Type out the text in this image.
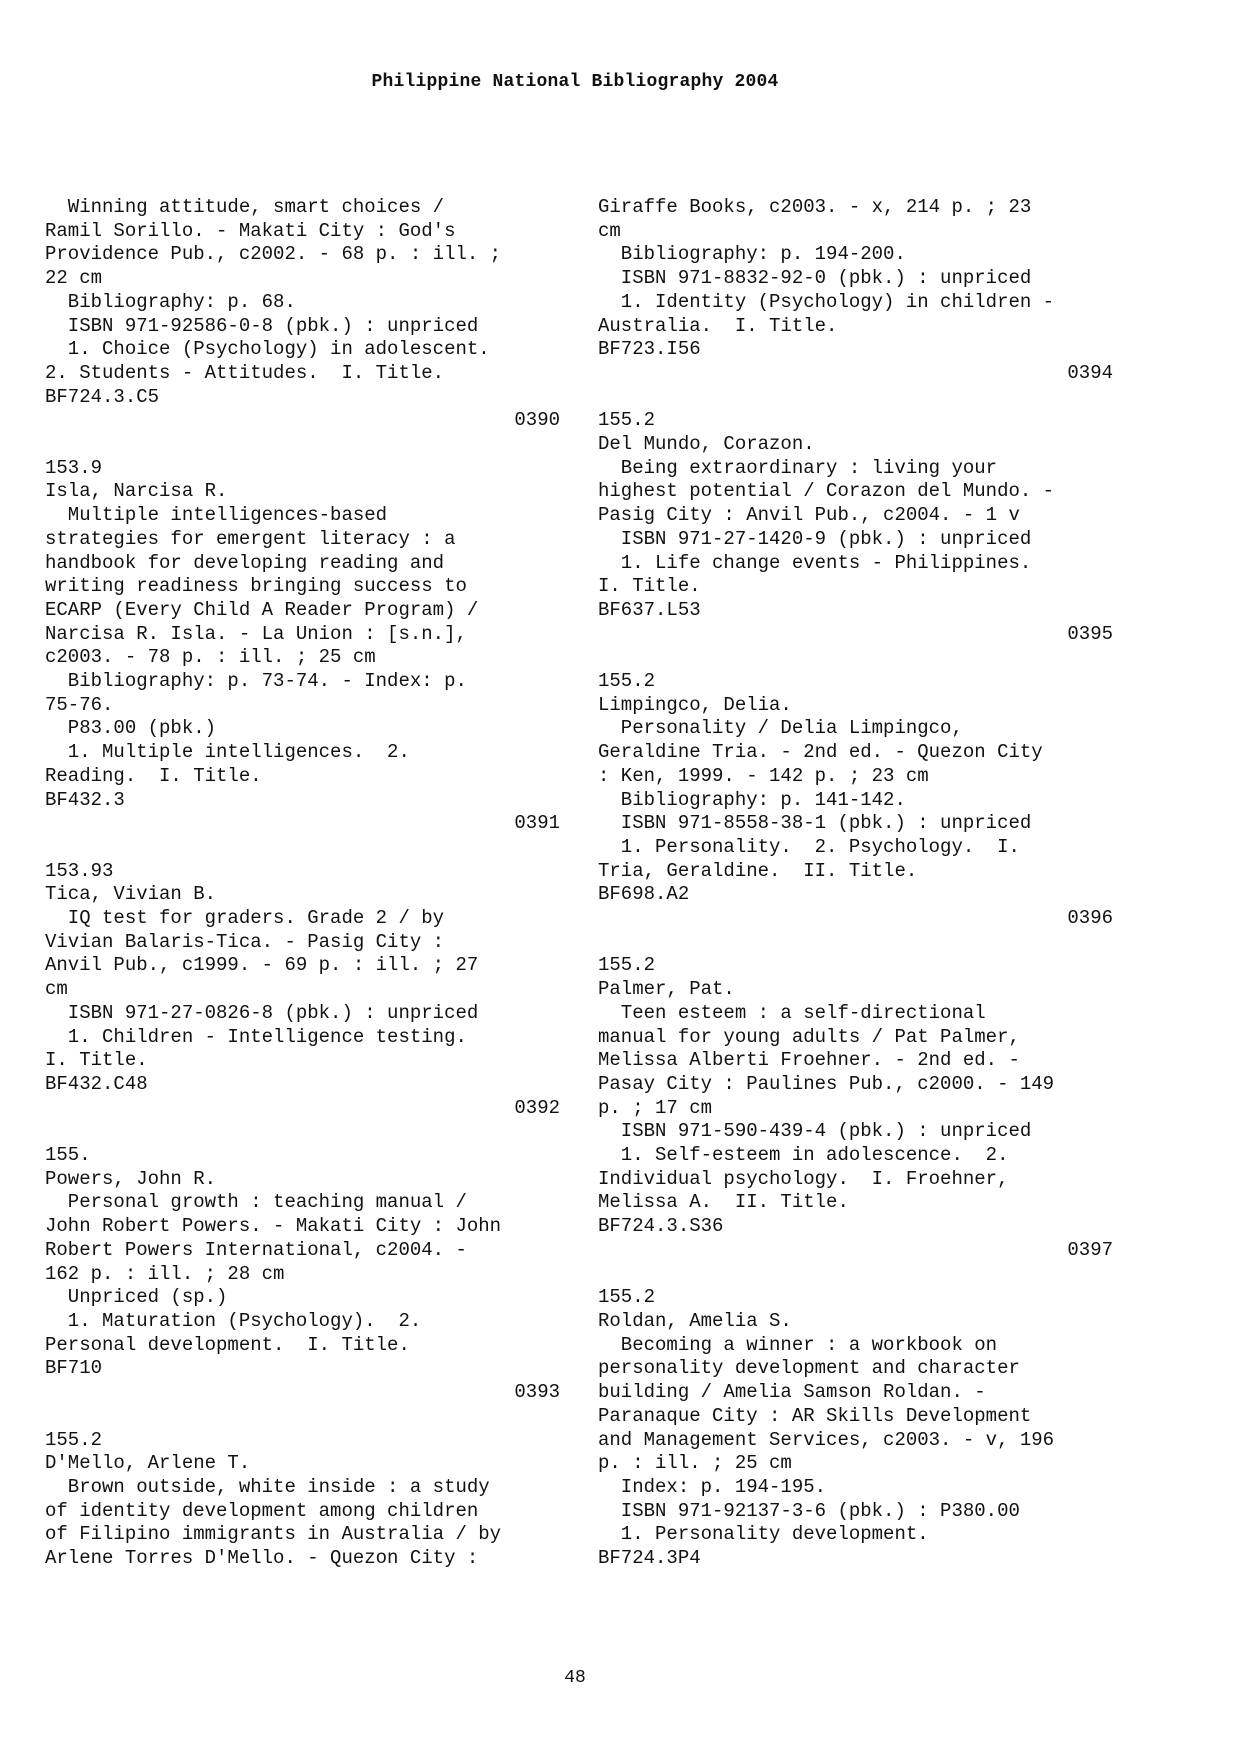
Philippine National Bibliography 2004
Winning attitude, smart choices /
Ramil Sorillo. - Makati City : God's
Providence Pub., c2002. - 68 p. : ill. ;
22 cm
Bibliography: p. 68.
ISBN 971-92586-0-8 (pbk.) : unpriced
1. Choice (Psychology) in adolescent.
2. Students - Attitudes.  I. Title.
BF724.3.C5
0390
153.9
Isla, Narcisa R.
Multiple intelligences-based
strategies for emergent literacy : a
handbook for developing reading and
writing readiness bringing success to
ECARP (Every Child A Reader Program) /
Narcisa R. Isla. - La Union : [s.n.],
c2003. - 78 p. : ill. ; 25 cm
Bibliography: p. 73-74. - Index: p.
75-76.
P83.00 (pbk.)
1. Multiple intelligences.  2.
Reading.  I. Title.
BF432.3
0391
153.93
Tica, Vivian B.
IQ test for graders. Grade 2 / by
Vivian Balaris-Tica. - Pasig City :
Anvil Pub., c1999. - 69 p. : ill. ; 27
cm
ISBN 971-27-0826-8 (pbk.) : unpriced
1. Children - Intelligence testing.
I. Title.
BF432.C48
0392
155.
Powers, John R.
Personal growth : teaching manual /
John Robert Powers. - Makati City : John
Robert Powers International, c2004. -
162 p. : ill. ; 28 cm
Unpriced (sp.)
1. Maturation (Psychology).  2.
Personal development.  I. Title.
BF710
0393
155.2
D'Mello, Arlene T.
Brown outside, white inside : a study
of identity development among children
of Filipino immigrants in Australia / by
Arlene Torres D'Mello. - Quezon City :
Giraffe Books, c2003. - x, 214 p. ; 23
cm
Bibliography: p. 194-200.
ISBN 971-8832-92-0 (pbk.) : unpriced
1. Identity (Psychology) in children -
Australia.  I. Title.
BF723.I56
0394
155.2
Del Mundo, Corazon.
Being extraordinary : living your
highest potential / Corazon del Mundo. -
Pasig City : Anvil Pub., c2004. - 1 v
ISBN 971-27-1420-9 (pbk.) : unpriced
1. Life change events - Philippines.
I. Title.
BF637.L53
0395
155.2
Limpingco, Delia.
Personality / Delia Limpingco,
Geraldine Tria. - 2nd ed. - Quezon City
: Ken, 1999. - 142 p. ; 23 cm
Bibliography: p. 141-142.
ISBN 971-8558-38-1 (pbk.) : unpriced
1. Personality.  2. Psychology.  I.
Tria, Geraldine.  II. Title.
BF698.A2
0396
155.2
Palmer, Pat.
Teen esteem : a self-directional
manual for young adults / Pat Palmer,
Melissa Alberti Froehner. - 2nd ed. -
Pasay City : Paulines Pub., c2000. - 149
p. ; 17 cm
ISBN 971-590-439-4 (pbk.) : unpriced
1. Self-esteem in adolescence.  2.
Individual psychology.  I. Froehner,
Melissa A.  II. Title.
BF724.3.S36
0397
155.2
Roldan, Amelia S.
Becoming a winner : a workbook on
personality development and character
building / Amelia Samson Roldan. -
Paranaque City : AR Skills Development
and Management Services, c2003. - v, 196
p. : ill. ; 25 cm
Index: p. 194-195.
ISBN 971-92137-3-6 (pbk.) : P380.00
1. Personality development.
BF724.3P4
48
